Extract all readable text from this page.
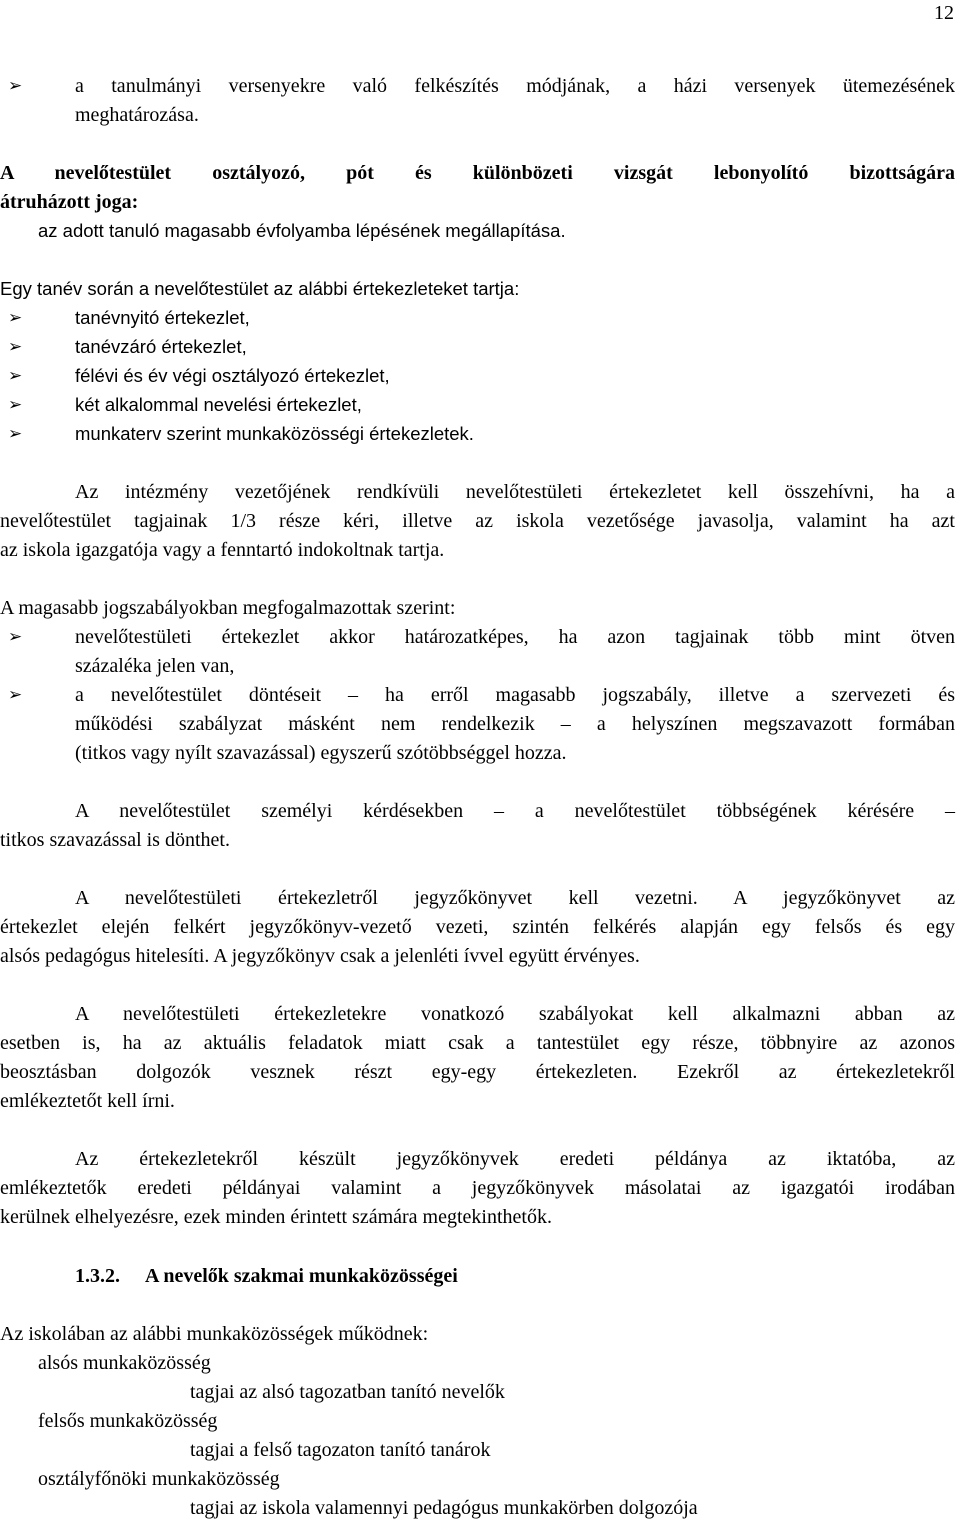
12
➢	a tanulmányi versenyekre való felkészítés módjának, a házi versenyek ütemezésének
meghatározása.
A nevelőtestület osztályozó, pót és különbözeti vizsgát lebonyolító bizottságára
átruházott joga:
az adott tanuló magasabb évfolyamba lépésének megállapítása.
Egy tanév során a nevelőtestület az alábbi értekezleteket tartja:
➢	tanévnyitó értekezlet,
➢	tanévzáró értekezlet,
➢	félévi és év végi osztályozó értekezlet,
➢	két alkalommal nevelési értekezlet,
➢	munkaterv szerint munkaközösségi értekezletek.
Az intézmény vezetőjének rendkívüli nevelőtestületi értekezletet kell összehívni, ha a
nevelőtestület tagjainak 1/3 része kéri, illetve az iskola vezetősége javasolja, valamint ha azt
az iskola igazgatója vagy a fenntartó indokoltnak tartja.
A magasabb jogszabályokban megfogalmazottak szerint:
➢	nevelőtestületi értekezlet akkor határozatképes, ha azon tagjainak több mint ötven
százaléka jelen van,
➢	a nevelőtestület döntéseit – ha erről magasabb jogszabály, illetve a szervezeti és
működési szabályzat másként nem rendelkezik – a helyszínen megszavazott formában
(titkos vagy nyílt szavazással) egyszerű szótöbbséggel hozza.
A nevelőtestület személyi kérdésekben – a nevelőtestület többségének kérésére –
titkos szavazással is dönthet.
A nevelőtestületi értekezletről jegyzőkönyvet kell vezetni. A jegyzőkönyvet az
értekezlet elején felkért jegyzőkönyv-vezető vezeti, szintén felkérés alapján egy felsős és egy
alsós pedagógus hitelesíti. A jegyzőkönyv csak a jelenléti ívvel együtt érvényes.
A nevelőtestületi értekezletekre vonatkozó szabályokat kell alkalmazni abban az
esetben is, ha az aktuális feladatok miatt csak a tantestület egy része, többnyire az azonos
beosztásban dolgozók vesznek részt egy-egy értekezleten. Ezekről az értekezletekről
emlékeztetőt kell írni.
Az értekezletekről készült jegyzőkönyvek eredeti példánya az iktatóba, az
emlékeztetők eredeti példányai valamint a jegyzőkönyvek másolatai az igazgatói irodában
kerülnek elhelyezésre, ezek minden érintett számára megtekinthetők.
1.3.2. A nevelők szakmai munkaközösségei
Az iskolában az alábbi munkaközösségek működnek:
alsós munkaközösség
tagjai az alsó tagozatban tanító nevelők
felsős munkaközösség
tagjai a felső tagozaton tanító tanárok
osztályfőnöki munkaközösség
tagjai az iskola valamennyi pedagógus munkakörben dolgozója
